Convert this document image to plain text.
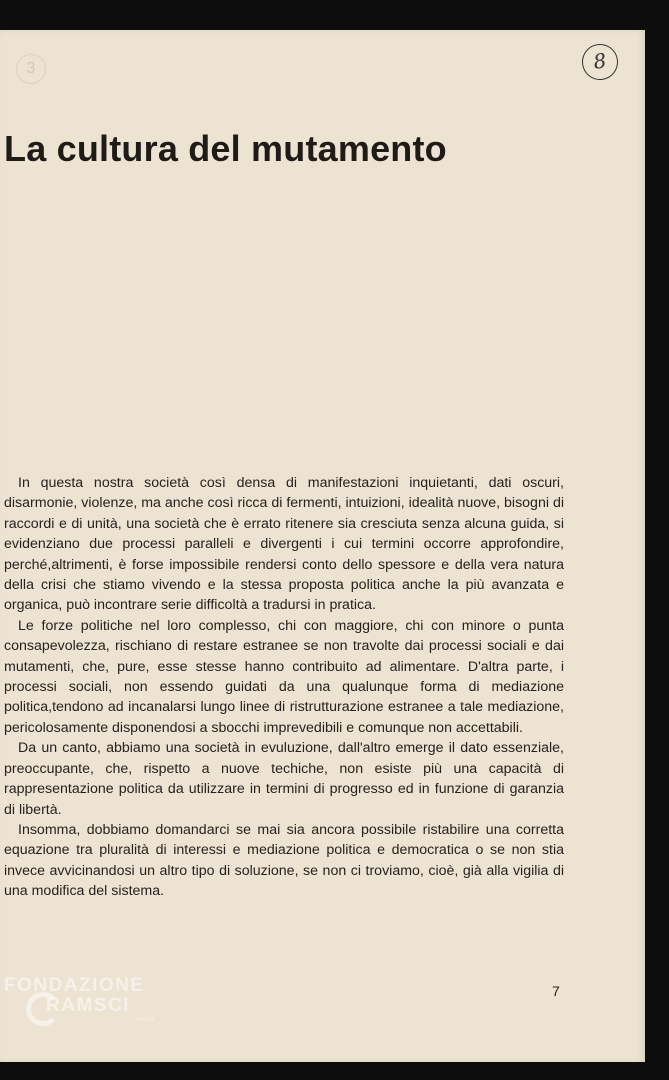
3	8
La cultura del mutamento

In questa nostra società così densa di manifestazioni inquietanti, dati oscuri, disarmonie, violenze, ma anche così ricca di fermenti, intuizioni, idealità nuove, bisogni di raccordi e di unità, una società che è errato ritenere sia cresciuta senza alcuna guida, si evidenziano due processi paralleli e divergenti i cui termini occorre approfondire, perché,altrimenti, è forse impossibile rendersi conto dello spessore e della vera natura della crisi che stiamo vivendo e la stessa proposta politica anche la più avanzata e organica, può incontrare serie difficoltà a tradursi in pratica.

Le forze politiche nel loro complesso, chi con maggiore, chi con minore o punta consapevolezza, rischiano di restare estranee se non travolte dai processi sociali e dai mutamenti, che, pure, esse stesse hanno contribuito ad alimentare. D'altra parte, i processi sociali, non essendo guidati da una qualunque forma di mediazione politica,tendono ad incanalarsi lungo linee di ristrutturazione estranee a tale mediazione, pericolosamente disponendosi a sbocchi imprevedibili e comunque non accettabili.

Da un canto, abbiamo una società in evuluzione, dall'altro emerge il dato essenziale, preoccupante, che, rispetto a nuove techiche, non esiste più una capacità di rappresentazione politica da utilizzare in termini di progresso ed in funzione di garanzia di libertà.

Insomma, dobbiamo domandarci se mai sia ancora possibile ristabilire una corretta equazione tra pluralità di interessi e mediazione politica e democratica o se non stia invece avvicinandosi un altro tipo di soluzione, se non ci troviamo, cioè, già alla vigilia di una modifica del sistema.

7
FONDAZIONE
RAMSCI
onlus
